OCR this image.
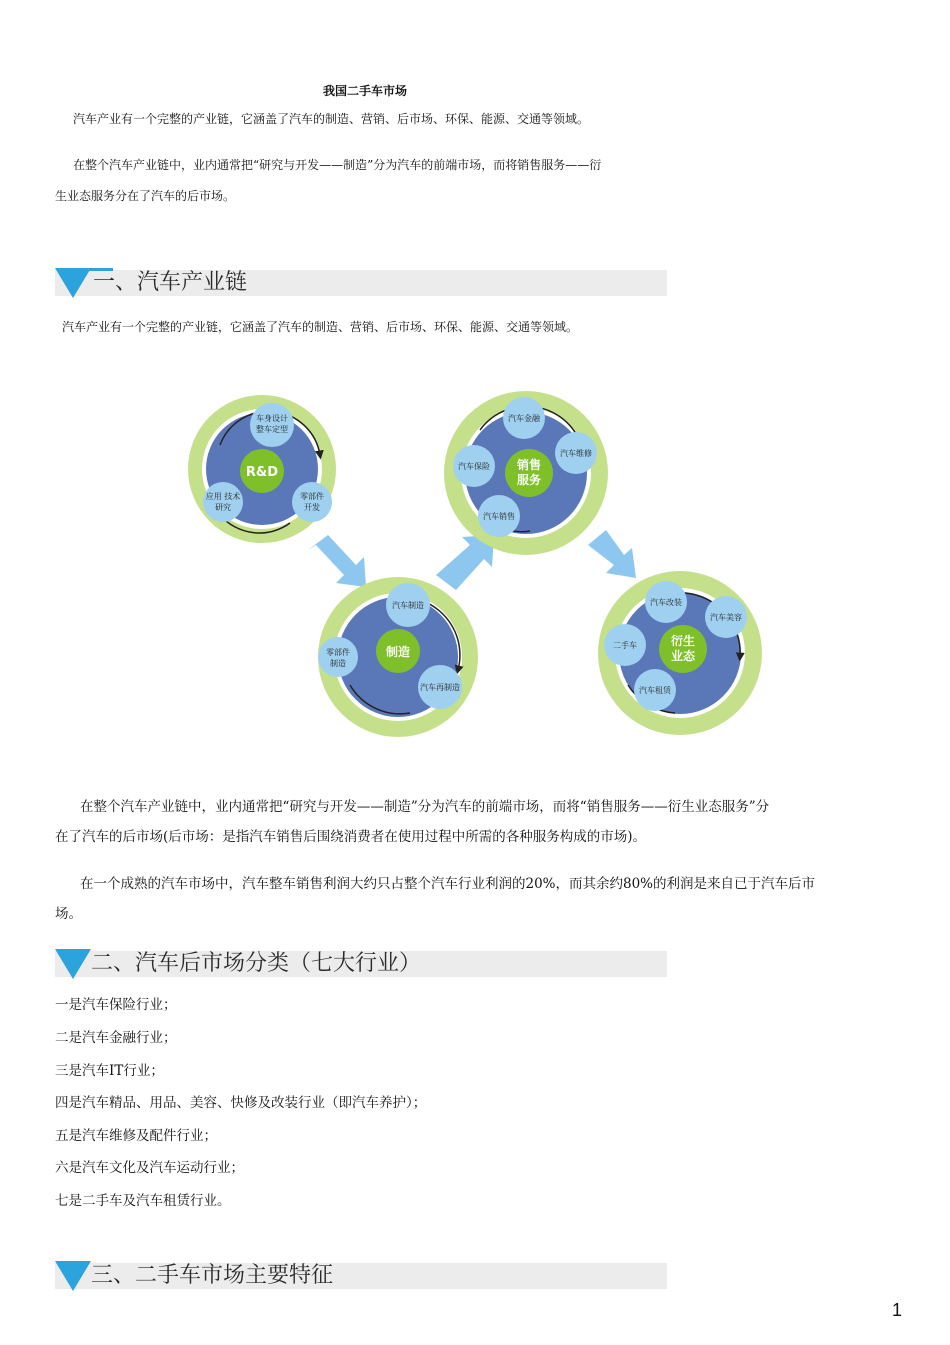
我国二手车市场
汽车产业有一个完整的产业链，它涵盖了汽车的制造、营销、后市场、环保、能源、交通等领域。
在整个汽车产业链中，业内通常把“研究与开发——制造”分为汽车的前端市场，而将销售服务——衍
生业态服务分在了汽车的后市场。
一、汽车产业链
汽车产业有一个完整的产业链，它涵盖了汽车的制造、营销、后市场、环保、能源、交通等领域。
R&D
车身设计
整车定型
零部件
开发
应用 技术
研究
制造
汽车制造
零部件
制造
汽车再制造
销售
服务
汽车金融
汽车维修
汽车保险
汽车销售
衍生
业态
汽车改装
汽车美容
二手车
汽车租赁
在整个汽车产业链中，业内通常把“研究与开发——制造”分为汽车的前端市场，而将“销售服务——衍生业态服务”分
在了汽车的后市场(后市场：是指汽车销售后围绕消费者在使用过程中所需的各种服务构成的市场)。
在一个成熟的汽车市场中，汽车整车销售利润大约只占整个汽车行业利润的20%，而其余约80%的利润是来自已于汽车后市
场。
二、汽车后市场分类（七大行业）
一是汽车保险行业；
二是汽车金融行业；
三是汽车IT行业；
四是汽车精品、用品、美容、快修及改装行业（即汽车养护）；
五是汽车维修及配件行业；
六是汽车文化及汽车运动行业；
七是二手车及汽车租赁行业。
三、二手车市场主要特征
1
